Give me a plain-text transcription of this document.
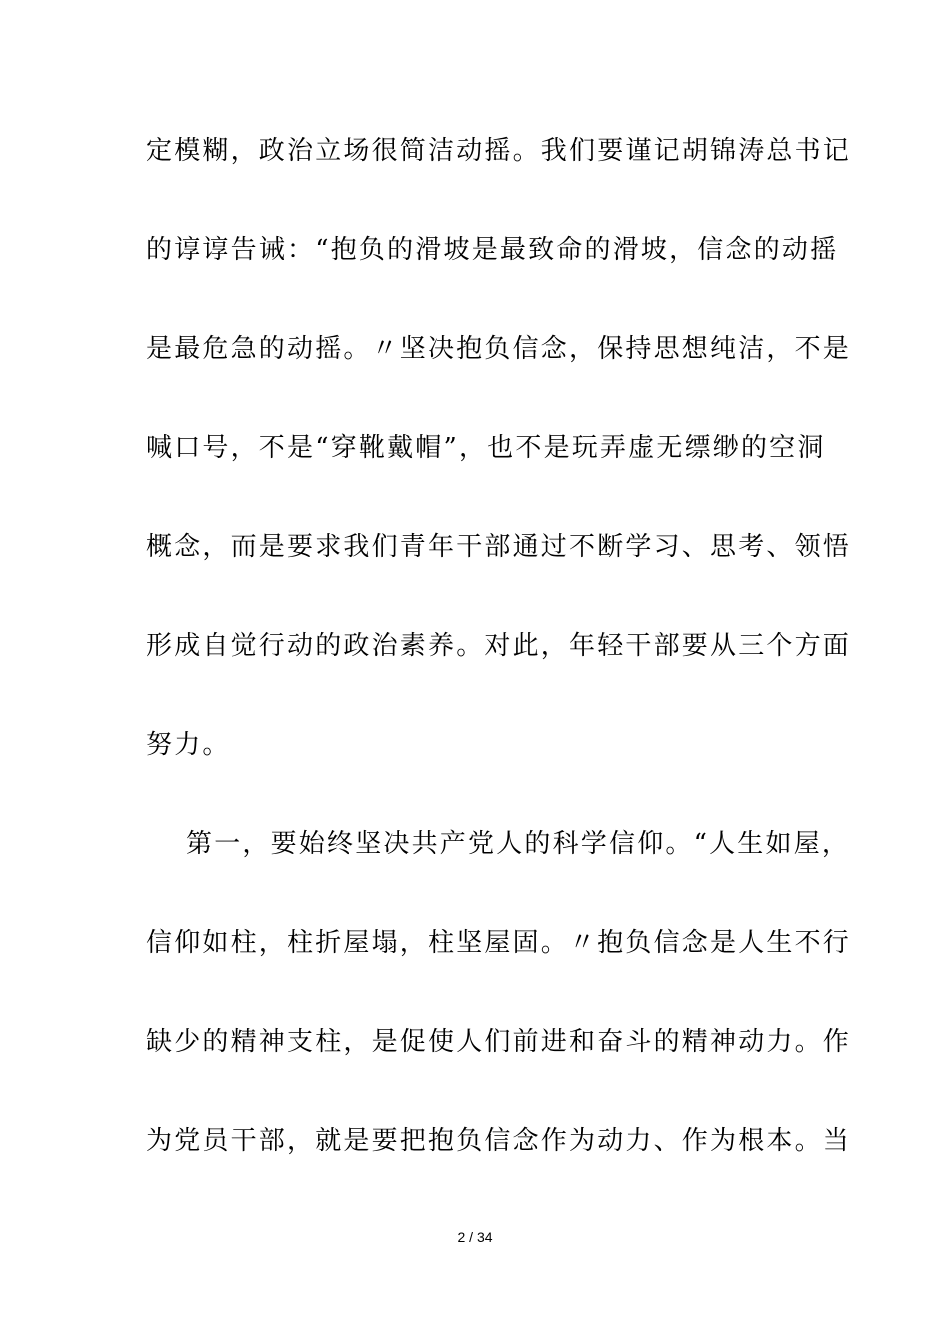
定模糊，政治立场很简洁动摇。我们要谨记胡锦涛总书记
的谆谆告诫：“抱负的滑坡是最致命的滑坡，信念的动摇
是最危急的动摇。〃坚决抱负信念，保持思想纯洁，不是
喊口号，不是“穿靴戴帽”，也不是玩弄虚无缥缈的空洞
概念，而是要求我们青年干部通过不断学习、思考、领悟
形成自觉行动的政治素养。对此，年轻干部要从三个方面
努力。
第一，要始终坚决共产党人的科学信仰。“人生如屋，
信仰如柱，柱折屋塌，柱坚屋固。〃抱负信念是人生不行
缺少的精神支柱，是促使人们前进和奋斗的精神动力。作
为党员干部，就是要把抱负信念作为动力、作为根本。当
2 / 34
